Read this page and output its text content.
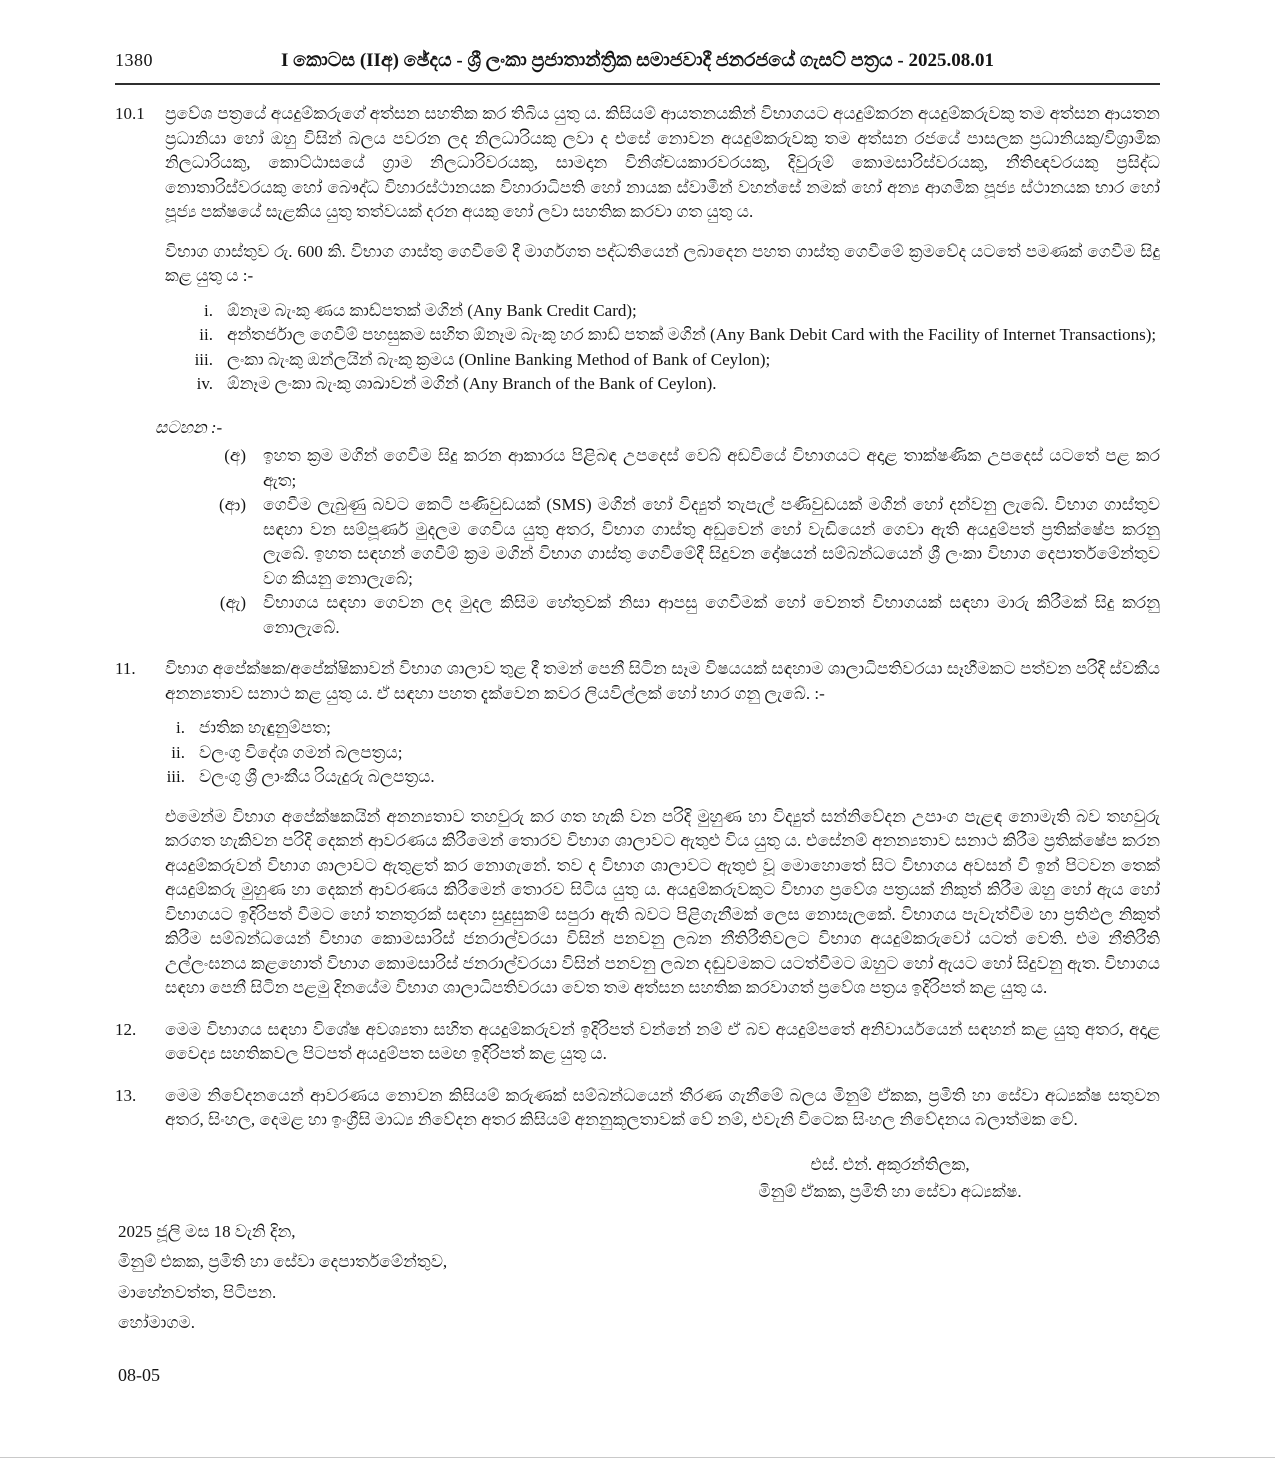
1380	I කොටස (IIඅ) ඡේදය - ශ්‍රී ලංකා ප්‍රජාතාන්ත්‍රික සමාජවාදී ජනරජයේ ගැසට් පත්‍රය - 2025.08.01
10.1	ප්‍රවේශ පත්‍රයේ අයදුම්කරුගේ අත්සන සහතික කර තිබිය යුතු ය. කිසියම් ආයතනයකින් විභාගයට අයදුම්කරන අයදුම්කරුවකු තම අත්සන ආයතන ප්‍රධානියා හෝ ඔහු විසින් බලය පවරන ලද නිලධාරියකු ලවා ද එසේ නොවන අයදුම්කරුවකු තම අත්සන රජයේ පාසලක ප්‍රධානියකු/විශ්‍රාමික නිලධාරියකු, කොට්ඨාසයේ ග්‍රාම නිලධාරිවරයකු, සාමදාන විනිශ්චයකාරවරයකු, දිවුරුම් කොමසාරිස්වරයකු, නීතිඥවරයකු ප්‍රසිද්ධ නොතාරිස්වරයකු හෝ බෞද්ධ විහාරස්ථානයක විහාරාධිපති හෝ නායක ස්වාමීන් වහන්සේ නමක් හෝ අන්‍ය ආගමික පූජ්‍ය ස්ථානයක භාර හෝ පූජ්‍ය පක්ෂයේ සැළකිය යුතු තත්වයක් දරන අයකු හෝ ලවා සහතික කරවා ගත යුතු ය.

විභාග ගාස්තුව රු. 600 කි. විභාග ගාස්තු ගෙවීමේ දී මාර්ගගත පද්ධතියෙන් ලබාදෙන පහත ගාස්තු ගෙවීමේ ක්‍රමවේද යටතේ පමණක් ගෙවීම සිදු කළ යුතු ය :-

i. ඕනෑම බැංකු ණය කාඩ්පතක් මගින් (Any Bank Credit Card);

ii. අන්තර්ජාල ගෙවීම් පහසුකම සහිත ඕනෑම බැංකු හර කාඩ් පතක් මගින් (Any Bank Debit Card with the Facility of Internet Transactions);

iii. ලංකා බැංකු ඔන්ලයින් බැංකු ක්‍රමය (Online Banking Method of Bank of Ceylon);

iv. ඕනෑම ලංකා බැංකු ශාඛාවන් මගින් (Any Branch of the Bank of Ceylon).

සටහන :-
(අ) ඉහත ක්‍රම මගින් ගෙවීම සිදු කරන ආකාරය පිළිබඳ උපදෙස් වෙබ් අඩවියේ විභාගයට අදාළ තාක්ෂණික උපදෙස් යටතේ පළ කර ඇත;

(ආ) ගෙවීම ලැබුණු බවට කෙටි පණිවුඩයක් (SMS) මගින් හෝ විද්‍යුත් තැපැල් පණිවුඩයක් මගින් හෝ දන්වනු ලැබේ. විභාග ගාස්තුව සඳහා වන සම්පූර්ණ මුදලම ගෙවිය යුතු අතර, විභාග ගාස්තු අඩුවෙන් හෝ වැඩියෙන් ගෙවා ඇති අයදුම්පත් ප්‍රතික්ෂේප කරනු ලැබේ. ඉහත සඳහන් ගෙවීම් ක්‍රම මගින් විභාග ගාස්තු ගෙවීමේදී සිදුවන දෝෂයන් සම්බන්ධයෙන් ශ්‍රී ලංකා විභාග දෙපාර්තමේන්තුව වග කියනු නොලැබේ;

(ඇ) විභාගය සඳහා ගෙවන ලද මුදල කිසිම හේතුවක් නිසා ආපසු ගෙවීමක් හෝ වෙනත් විභාගයක් සඳහා මාරු කිරීමක් සිදු කරනු නොලැබේ.

11.	විභාග අපේක්ෂක/අපේක්ෂිකාවන් විභාග ශාලාව තුළ දී තමන් පෙනී සිටින සෑම විෂයයක් සඳහාම ශාලාධිපතිවරයා සෑහීමකට පත්වන පරිදි ස්වකීය අනන්‍යතාව සනාථ කළ යුතු ය. ඒ සඳහා පහත දැක්වෙන කවර ලියවිල්ලක් හෝ භාර ගනු ලැබේ. :-

i. ජාතික හැඳුනුම්පත;

ii. වලංගු විදේශ ගමන් බලපත්‍රය;

iii. වලංගු ශ්‍රී ලාංකීය රියැදුරු බලපත්‍රය.

එමෙන්ම විභාග අපේක්ෂකයින් අනන්‍යතාව තහවුරු කර ගත හැකි වන පරිදි මුහුණ හා විද්‍යුත් සන්නිවේදන උපාංග පැළඳ නොමැති බව තහවුරු කරගත හැකිවන පරිදි දෙකන් ආවරණය කිරීමෙන් තොරව විභාග ශාලාවට ඇතුළු විය යුතු ය. එසේනම් අනන්‍යතාව සනාථ කිරීම ප්‍රතික්ෂේප කරන අයදුම්කරුවන් විභාග ශාලාවට ඇතුළත් කර නොගැනේ. තව ද විභාග ශාලාවට ඇතුළු වූ මොහොතේ සිට විභාගය අවසන් වී ඉන් පිටවන තෙක් අයදුම්කරු මුහුණ හා දෙකන් ආවරණය කිරීමෙන් තොරව සිටිය යුතු ය. අයදුම්කරුවකුට විභාග ප්‍රවේශ පත්‍රයක් නිකුත් කිරීම ඔහු හෝ ඇය හෝ විභාගයට ඉදිරිපත් වීමට හෝ තනතුරක් සඳහා සුදුසුකම් සපුරා ඇති බවට පිළිගැනීමක් ලෙස නොසැලකේ. විභාගය පැවැත්වීම හා ප්‍රතිඵල නිකුත් කිරීම සම්බන්ධයෙන් විභාග කොමසාරිස් ජනරාල්වරයා විසින් පනවනු ලබන නීතිරීතිවලට විභාග අයදුම්කරුවෝ යටත් වෙති. එම නීතිරීති උල්ලංඝනය කළහොත් විභාග කොමසාරිස් ජනරාල්වරයා විසින් පනවනු ලබන දඬුවමකට යටත්වීමට ඔහුට හෝ ඇයට හෝ සිදුවනු ඇත. විභාගය සඳහා පෙනී සිටින පළමු දිනයේම විභාග ශාලාධිපතිවරයා වෙත තම අත්සන සහතික කරවාගත් ප්‍රවේශ පත්‍රය ඉදිරිපත් කළ යුතු ය.

12.	මෙම විභාගය සඳහා විශේෂ අවශ්‍යතා සහිත අයදුම්කරුවන් ඉදිරිපත් වන්නේ නම් ඒ බව අයදුම්පතේ අනිවාර්යයෙන් සඳහන් කළ යුතු අතර, අදාළ වෛද්‍ය සහතිකවල පිටපත් අයදුම්පත සමඟ ඉදිරිපත් කළ යුතු ය.

13.	මෙම නිවේදනයෙන් ආවරණය නොවන කිසියම් කරුණක් සම්බන්ධයෙන් තීරණ ගැනීමේ බලය මිනුම් ඒකක, ප්‍රමිති හා සේවා අධ්‍යක්ෂ සතුවන අතර, සිංහල, දෙමළ හා ඉංග්‍රීසි මාධ්‍ය නිවේදන අතර කිසියම් අනනුකූලතාවක් වේ නම්, එවැනි විටෙක සිංහල නිවේදනය බලාත්මක වේ.

එස්. එන්. අකුරන්තිලක,
මිනුම් ඒකක, ප්‍රමිති හා සේවා අධ්‍යක්ෂ.
2025 ජූලි මස 18 වැනි දින,
මිනුම් එකක, ප්‍රමිති හා සේවා දෙපාර්තමේන්තුව,
මාහේනවත්ත, පිටිපන.
හෝමාගම.
08-05
